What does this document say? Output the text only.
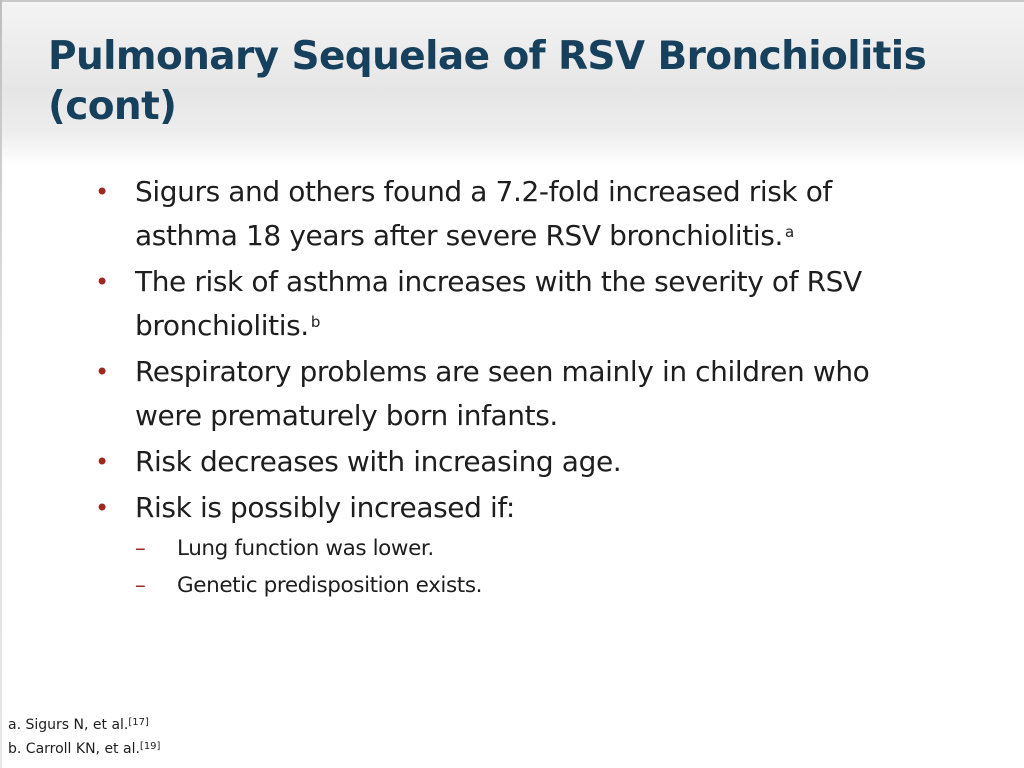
Pulmonary Sequelae of RSV Bronchiolitis (cont)
• Sigurs and others found a 7.2-fold increased risk of asthma 18 years after severe RSV bronchiolitis. $^a$
• The risk of asthma increases with the severity of RSV bronchiolitis. $^b$
• Respiratory problems are seen mainly in children who were prematurely born infants.
• Risk decreases with increasing age.
• Risk is possibly increased if:
– Lung function was lower.
– Genetic predisposition exists.
a. Sigurs N, et al.[17]
b. Carroll KN, et al.[19]
